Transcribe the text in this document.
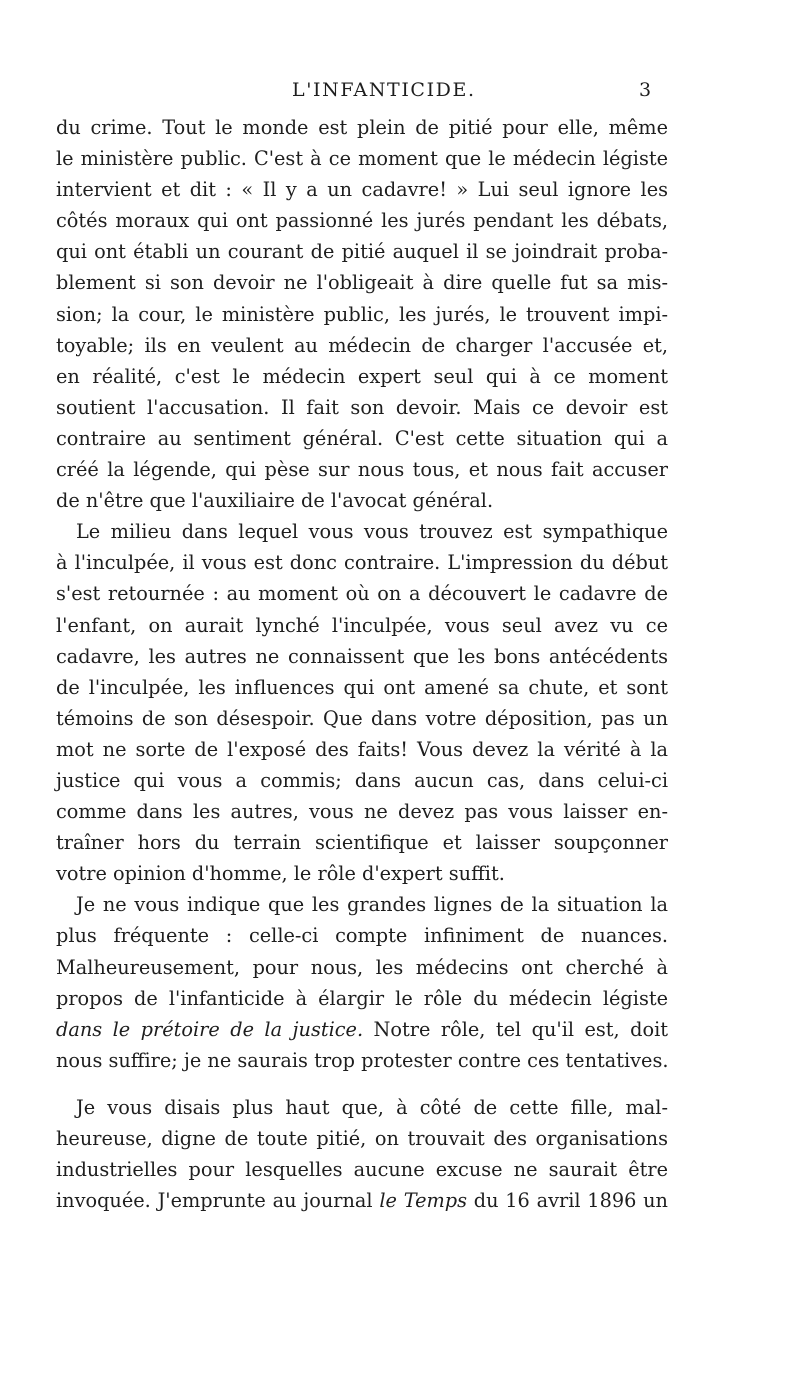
L'INFANTICIDE.	3
du crime. Tout le monde est plein de pitié pour elle, même
le ministère public. C'est à ce moment que le médecin légiste
intervient et dit : « Il y a un cadavre! » Lui seul ignore les
côtés moraux qui ont passionné les jurés pendant les débats,
qui ont établi un courant de pitié auquel il se joindrait proba-
blement si son devoir ne l'obligeait à dire quelle fut sa mis-
sion; la cour, le ministère public, les jurés, le trouvent impi-
toyable; ils en veulent au médecin de charger l'accusée et,
en réalité, c'est le médecin expert seul qui à ce moment
soutient l'accusation. Il fait son devoir. Mais ce devoir est
contraire au sentiment général. C'est cette situation qui a
créé la légende, qui pèse sur nous tous, et nous fait accuser
de n'être que l'auxiliaire de l'avocat général.
Le milieu dans lequel vous vous trouvez est sympathique
à l'inculpée, il vous est donc contraire. L'impression du début
s'est retournée : au moment où on a découvert le cadavre de
l'enfant, on aurait lynché l'inculpée, vous seul avez vu ce
cadavre, les autres ne connaissent que les bons antécédents
de l'inculpée, les influences qui ont amené sa chute, et sont
témoins de son désespoir. Que dans votre déposition, pas un
mot ne sorte de l'exposé des faits! Vous devez la vérité à la
justice qui vous a commis; dans aucun cas, dans celui-ci
comme dans les autres, vous ne devez pas vous laisser en-
traîner hors du terrain scientifique et laisser soupçonner
votre opinion d'homme, le rôle d'expert suffit.
Je ne vous indique que les grandes lignes de la situation la
plus fréquente : celle-ci compte infiniment de nuances.
Malheureusement, pour nous, les médecins ont cherché à
propos de l'infanticide à élargir le rôle du médecin légiste
dans le prétoire de la justice. Notre rôle, tel qu'il est, doit
nous suffire; je ne saurais trop protester contre ces tentatives.
Je vous disais plus haut que, à côté de cette fille, mal-
heureuse, digne de toute pitié, on trouvait des organisations
industrielles pour lesquelles aucune excuse ne saurait être
invoquée. J'emprunte au journal le Temps du 16 avril 1896 un
